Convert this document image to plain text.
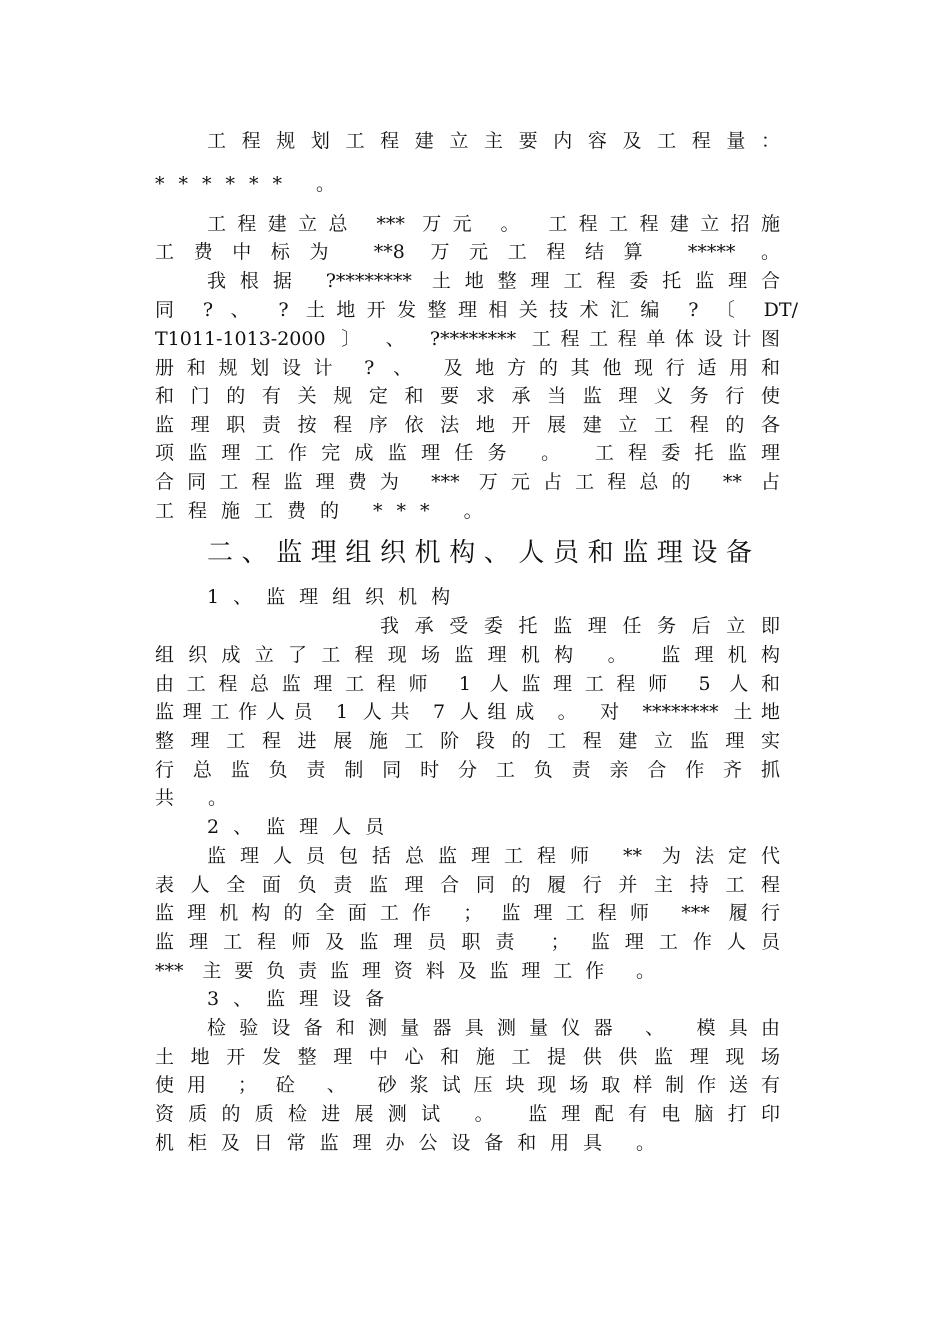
工程规划工程建立主要内容及工程量：
****** 。
工程建立总 *** 万元 。 工程工程建立招施
工费中标为 **8 万元工程结算 ***** 。
我根据 ?******** 土地整理工程委托监理合
同 ? 、 ? 土地开发整理相关技术汇编 ? 〔 DT/
T1011-1013-2000 〕 、 ?******** 工程工程单体设计图
册和规划设计 ? 、 及地方的其他现行适用和
和门的有关规定和要求承当监理义务行使
监理职责按程序依法地开展建立工程的各
项监理工作完成监理任务 。 工程委托监理
合同工程监理费为 *** 万元占工程总的 ** 占
工程施工费的 *** 。
二、监理组织机构、人员和监理设备
1、监理组织机构
我承受委托监理任务后立即
组织成立了工程现场监理机构 。 监理机构
由工程总监理工程师 1 人监理工程师 5 人和
监理工作人员 1 人共 7 人组成 。 对 ******** 土地
整理工程进展施工阶段的工程建立监理实
行总监负责制同时分工负责亲合作齐抓
共 。
2、监理人员
监理人员包括总监理工程师 ** 为法定代
表人全面负责监理合同的履行并主持工程
监理机构的全面工作 ； 监理工程师 *** 履行
监理工程师及监理员职责 ； 监理工作人员
*** 主要负责监理资料及监理工作 。
3、监理设备
检验设备和测量器具测量仪器 、 模具由
土地开发整理中心和施工提供供监理现场
使用 ； 砼 、 砂浆试压块现场取样制作送有
资质的质检进展测试 。 监理配有电脑打印
机柜及日常监理办公设备和用具 。
